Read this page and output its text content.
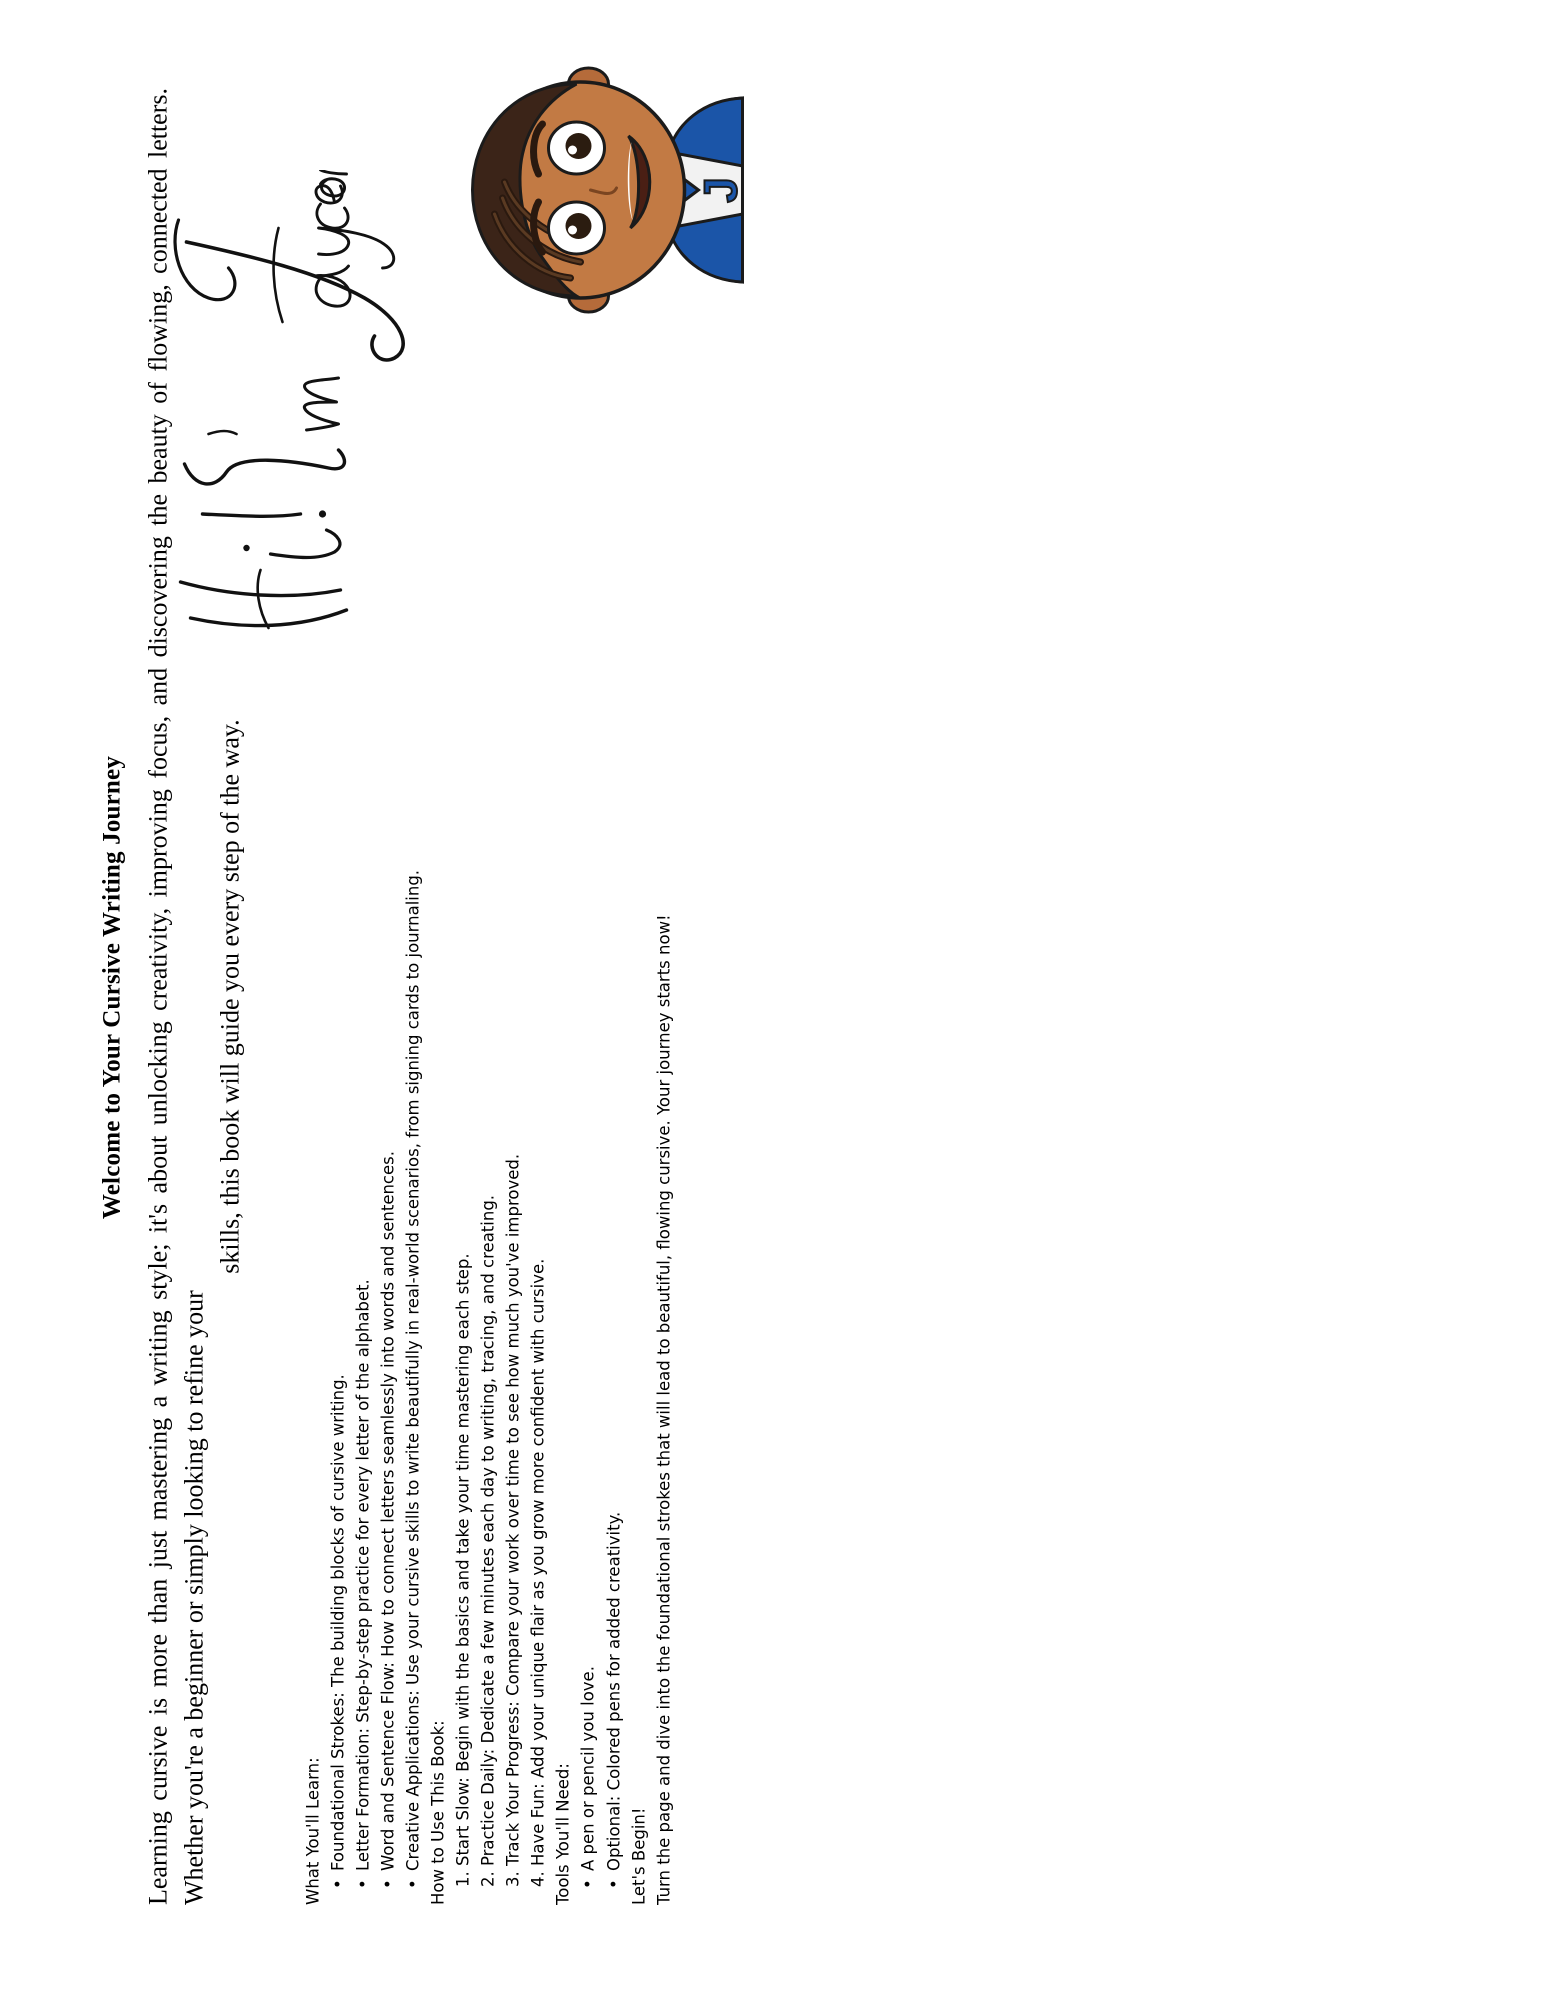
Welcome to Your Cursive Writing Journey Learning cursive is more than just mastering a writing style; it's about unlocking creativity, improving focus, and discovering the beauty of flowing, connected letters. Whether you're a beginner or simply looking to refine your
skills, this book will guide you every step of the way.

What You'll Learn: •
Foundational Strokes: The building blocks of cursive writing.
•
Letter Formation: Step-by-step practice for every letter of the alphabet.
•
Word and Sentence Flow: How to connect letters seamlessly into words and sentences.
•
Creative Applications: Use your cursive skills to write beautifully in real-world scenarios, from signing cards to journaling. How to Use This Book: 1. Start Slow: Begin with the basics and take your time mastering each step. 2. Practice Daily: Dedicate a few minutes each day to writing, tracing, and creating. 3. Track Your Progress: Compare your work over time to see how much you've improved. 4. Have Fun: Add your unique flair as you grow more confident with cursive. Tools You'll Need: •
A pen or pencil you love.
•
Optional: Colored pens for added creativity. Let's Begin! Turn the page and dive into the foundational strokes that will lead to beautiful, flowing cursive. Your journey starts now!

J
